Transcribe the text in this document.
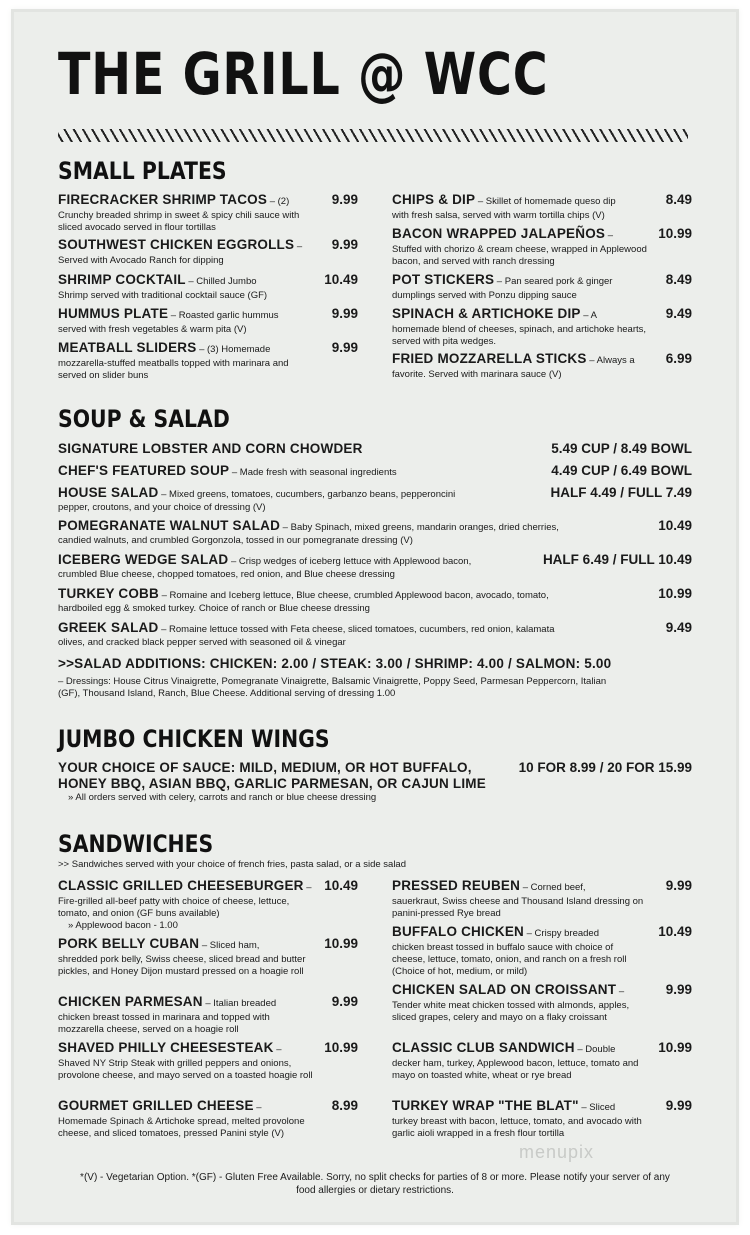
THE GRILL @ WCC
SMALL PLATES
SOUP & SALAD
JUMBO CHICKEN WINGS
SANDWICHES
FIRECRACKER SHRIMP TACOS – (2)	9.99
Crunchy breaded shrimp in sweet & spicy chili sauce with sliced avocado served in flour tortillas
SOUTHWEST CHICKEN EGGROLLS – 9.99
Served with Avocado Ranch for dipping
SHRIMP COCKTAIL – Chilled Jumbo	10.49
Shrimp served with traditional cocktail sauce (GF)
HUMMUS PLATE – Roasted garlic hummus	9.99
served with fresh vegetables & warm pita (V)
MEATBALL SLIDERS – (3) Homemade	9.99
mozzarella-stuffed meatballs topped with marinara and served on slider buns
CHIPS & DIP – Skillet of homemade queso dip	8.49
with fresh salsa, served with warm tortilla chips (V)
BACON WRAPPED JALAPEÑOS –	10.99
Stuffed with chorizo & cream cheese, wrapped in Applewood bacon, and served with ranch dressing
POT STICKERS – Pan seared pork & ginger	8.49
dumplings served with Ponzu dipping sauce
SPINACH & ARTICHOKE DIP – A	9.49
homemade blend of cheeses, spinach, and artichoke hearts, served with pita wedges.
FRIED MOZZARELLA STICKS – Always a 6.99
favorite. Served with marinara sauce (V)
SIGNATURE LOBSTER AND CORN CHOWDER	5.49 CUP / 8.49 BOWL
CHEF'S FEATURED SOUP – Made fresh with seasonal ingredients	4.49 CUP / 6.49 BOWL
HOUSE SALAD – Mixed greens, tomatoes, cucumbers, garbanzo beans, pepperoncini	HALF 4.49 / FULL 7.49
pepper, croutons, and your choice of dressing (V)
POMEGRANATE WALNUT SALAD – Baby Spinach, mixed greens, mandarin oranges, dried cherries,	10.49
candied walnuts, and crumbled Gorgonzola, tossed in our pomegranate dressing (V)
ICEBERG WEDGE SALAD – Crisp wedges of iceberg lettuce with Applewood bacon,	HALF 6.49 / FULL 10.49
crumbled Blue cheese, chopped tomatoes, red onion, and Blue cheese dressing
TURKEY COBB – Romaine and Iceberg lettuce, Blue cheese, crumbled Applewood bacon, avocado, tomato,	10.99
hardboiled egg & smoked turkey. Choice of ranch or Blue cheese dressing
GREEK SALAD – Romaine lettuce tossed with Feta cheese, sliced tomatoes, cucumbers, red onion, kalamata	9.49
olives, and cracked black pepper served with seasoned oil & vinegar
CLASSIC GRILLED CHEESEBURGER – 10.49
Fire-grilled all-beef patty with choice of cheese, lettuce, tomato, and onion (GF buns available)
» Applewood bacon - 1.00
PORK BELLY CUBAN – Sliced ham,	10.99
shredded pork belly, Swiss cheese, sliced bread and butter pickles, and Honey Dijon mustard pressed on a hoagie roll
CHICKEN PARMESAN – Italian breaded	9.99
chicken breast tossed in marinara and topped with mozzarella cheese, served on a hoagie roll
SHAVED PHILLY CHEESESTEAK –	10.99
Shaved NY Strip Steak with grilled peppers and onions, provolone cheese, and mayo served on a toasted hoagie roll
GOURMET GRILLED CHEESE –	8.99
Homemade Spinach & Artichoke spread, melted provolone cheese, and sliced tomatoes, pressed Panini style (V)
PRESSED REUBEN – Corned beef,	9.99
sauerkraut, Swiss cheese and Thousand Island dressing on panini-pressed Rye bread
BUFFALO CHICKEN – Crispy breaded	10.49
chicken breast tossed in buffalo sauce with choice of cheese, lettuce, tomato, onion, and ranch on a fresh roll (Choice of hot, medium, or mild)
CHICKEN SALAD ON CROISSANT –	9.99
Tender white meat chicken tossed with almonds, apples, sliced grapes, celery and mayo on a flaky croissant
CLASSIC CLUB SANDWICH – Double	10.99
decker ham, turkey, Applewood bacon, lettuce, tomato and mayo on toasted white, wheat or rye bread
TURKEY WRAP "THE BLAT" – Sliced	9.99
turkey breast with bacon, lettuce, tomato, and avocado with garlic aioli wrapped in a fresh flour tortilla
>>SALAD ADDITIONS: CHICKEN: 2.00 / STEAK: 3.00 / SHRIMP: 4.00 / SALMON: 5.00
– Dressings: House Citrus Vinaigrette, Pomegranate Vinaigrette, Balsamic Vinaigrette, Poppy Seed, Parmesan Peppercorn, Italian (GF), Thousand Island, Ranch, Blue Cheese. Additional serving of dressing 1.00
YOUR CHOICE OF SAUCE: MILD, MEDIUM, OR HOT BUFFALO,
HONEY BBQ, ASIAN BBQ, GARLIC PARMESAN, OR CAJUN LIME
» All orders served with celery, carrots and ranch or blue cheese dressing
10 FOR 8.99 / 20 FOR 15.99
>> Sandwiches served with your choice of french fries, pasta salad, or a side salad
*(V) - Vegetarian Option. *(GF) - Gluten Free Available. Sorry, no split checks for parties of 8 or more. Please notify your server of any food allergies or dietary restrictions.
menupix
